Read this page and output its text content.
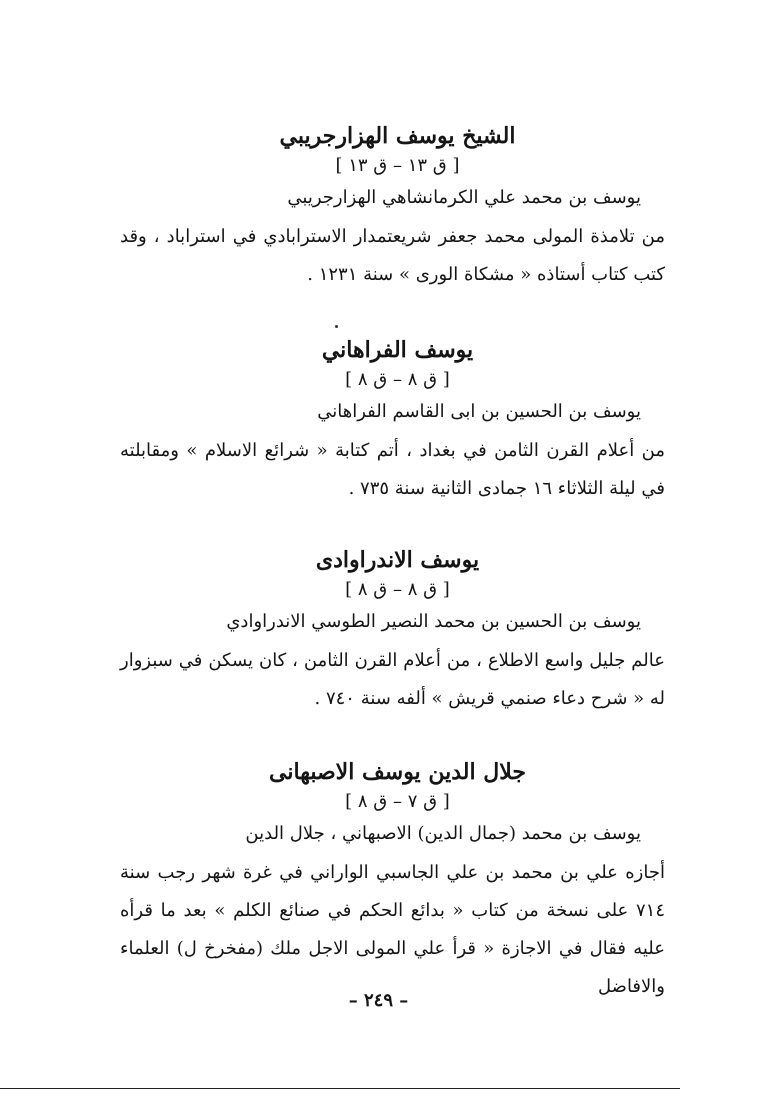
الشيخ يوسف الهزارجريبي
[ ق ١٣ – ق ١٣ ]
يوسف بن محمد علي الكرمانشاهي الهزارجريبي
من تلامذة المولى محمد جعفر شريعتمدار الاسترابادي في استراباد ، وقد كتب كتاب أستاذه « مشكاة الورى » سنة ١٢٣١ .
يوسف الفراهاني
[ ق ٨ – ق ٨ ]
يوسف بن الحسين بن ابى القاسم الفراهاني
من أعلام القرن الثامن في بغداد ، أتم كتابة « شرائع الاسلام » ومقابلته في ليلة الثلاثاء ١٦ جمادى الثانية سنة ٧٣٥ .
يوسف الاندراوادى
[ ق ٨ – ق ٨ ]
يوسف بن الحسين بن محمد النصير الطوسي الاندراوادي
عالم جليل واسع الاطلاع ، من أعلام القرن الثامن ، كان يسكن في سبزوار له « شرح دعاء صنمي قريش » ألفه سنة ٧٤٠ .
جلال الدين يوسف الاصبهانى
[ ق ٧ – ق ٨ ]
يوسف بن محمد (جمال الدين) الاصبهاني ، جلال الدين
أجازه علي بن محمد بن علي الجاسبي الواراني في غرة شهر رجب سنة ٧١٤ على نسخة من كتاب « بدائع الحكم في صنائع الكلم » بعد ما قرأه عليه فقال في الاجازة « قرأ علي المولى الاجل ملك (مفخرخ ل) العلماء والافاضل
– ٢٤٩ –
